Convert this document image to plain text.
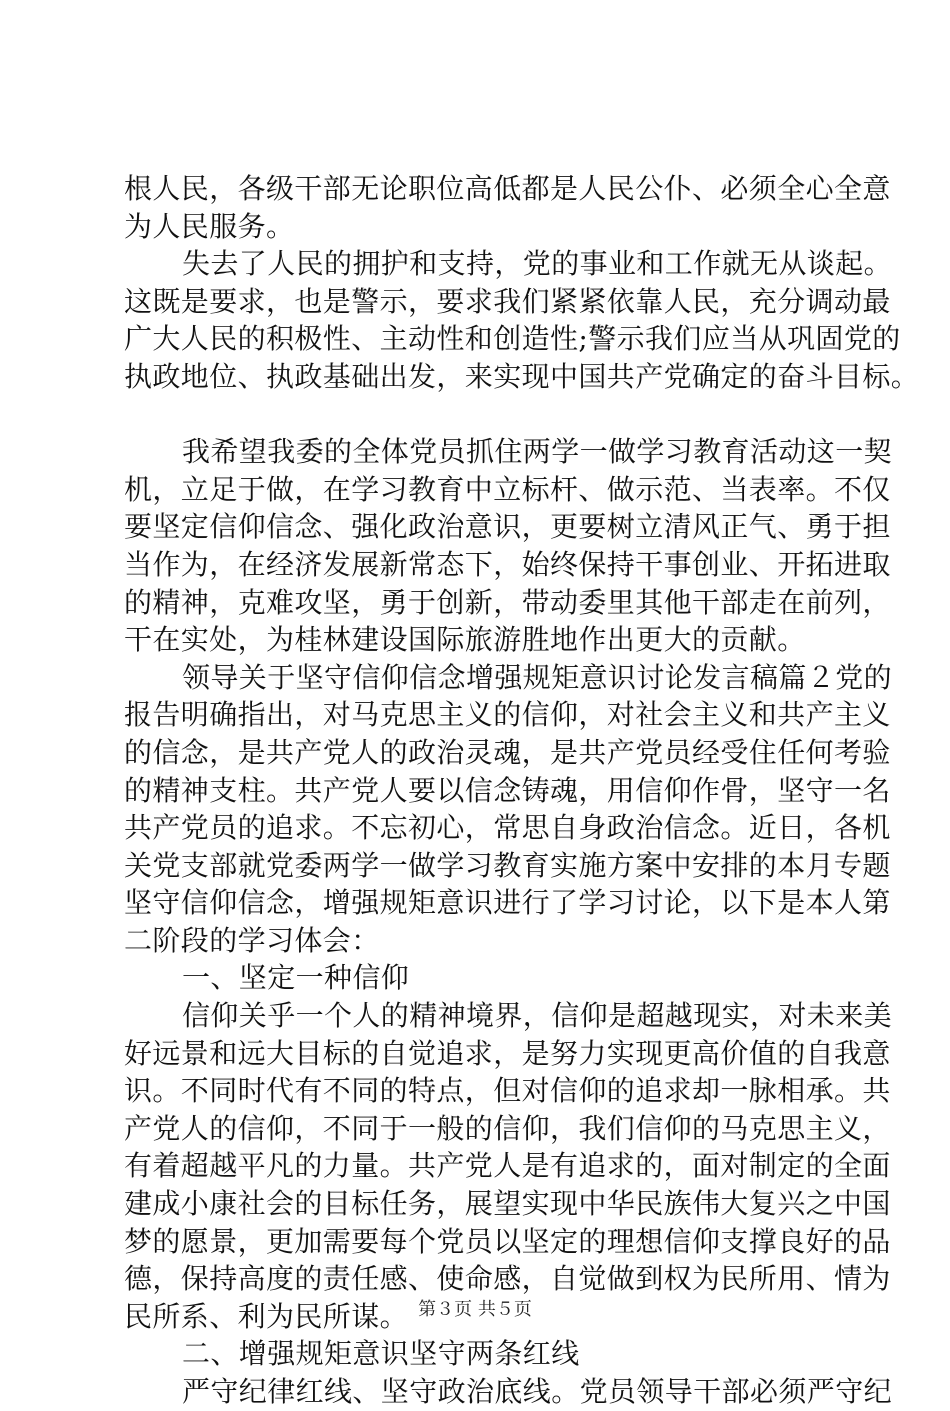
根人民，各级干部无论职位高低都是人民公仆、必须全心全意
为人民服务。
失去了人民的拥护和支持，党的事业和工作就无从谈起。
这既是要求，也是警示，要求我们紧紧依靠人民，充分调动最
广大人民的积极性、主动性和创造性;警示我们应当从巩固党的
执政地位、执政基础出发，来实现中国共产党确定的奋斗目标。
我希望我委的全体党员抓住两学一做学习教育活动这一契
机，立足于做，在学习教育中立标杆、做示范、当表率。不仅
要坚定信仰信念、强化政治意识，更要树立清风正气、勇于担
当作为，在经济发展新常态下，始终保持干事创业、开拓进取
的精神，克难攻坚，勇于创新，带动委里其他干部走在前列，
干在实处，为桂林建设国际旅游胜地作出更大的贡献。
领导关于坚守信仰信念增强规矩意识讨论发言稿篇２党的
报告明确指出，对马克思主义的信仰，对社会主义和共产主义
的信念，是共产党人的政治灵魂，是共产党员经受住任何考验
的精神支柱。共产党人要以信念铸魂，用信仰作骨，坚守一名
共产党员的追求。不忘初心，常思自身政治信念。近日，各机
关党支部就党委两学一做学习教育实施方案中安排的本月专题
坚守信仰信念，增强规矩意识进行了学习讨论，以下是本人第
二阶段的学习体会：
一、坚定一种信仰
信仰关乎一个人的精神境界，信仰是超越现实，对未来美
好远景和远大目标的自觉追求，是努力实现更高价值的自我意
识。不同时代有不同的特点，但对信仰的追求却一脉相承。共
产党人的信仰，不同于一般的信仰，我们信仰的马克思主义，
有着超越平凡的力量。共产党人是有追求的，面对制定的全面
建成小康社会的目标任务，展望实现中华民族伟大复兴之中国
梦的愿景，更加需要每个党员以坚定的理想信仰支撑良好的品
德，保持高度的责任感、使命感，自觉做到权为民所用、情为
民所系、利为民所谋。
二、增强规矩意识坚守两条红线
严守纪律红线、坚守政治底线。党员领导干部必须严守纪
第３页 共５页
